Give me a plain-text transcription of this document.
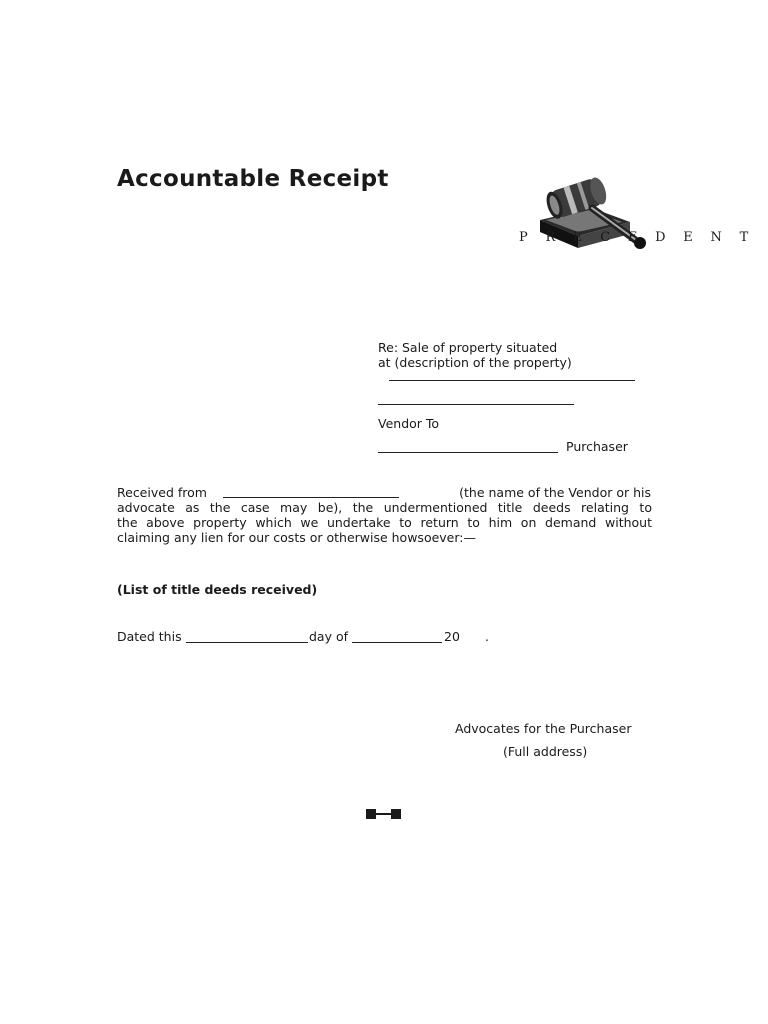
Accountable Receipt
P R E C E D E N T
Re: Sale of property situated
at (description of the property)
Vendor To
Purchaser
Received from	(the name of the Vendor or his
advocate as the case may be), the undermentioned title deeds relating to
the above property which we undertake to return to him on demand without
claiming any lien for our costs or otherwise howsoever:—
(List of title deeds received)
Dated this	day of	20 .
Advocates for the Purchaser
(Full address)
